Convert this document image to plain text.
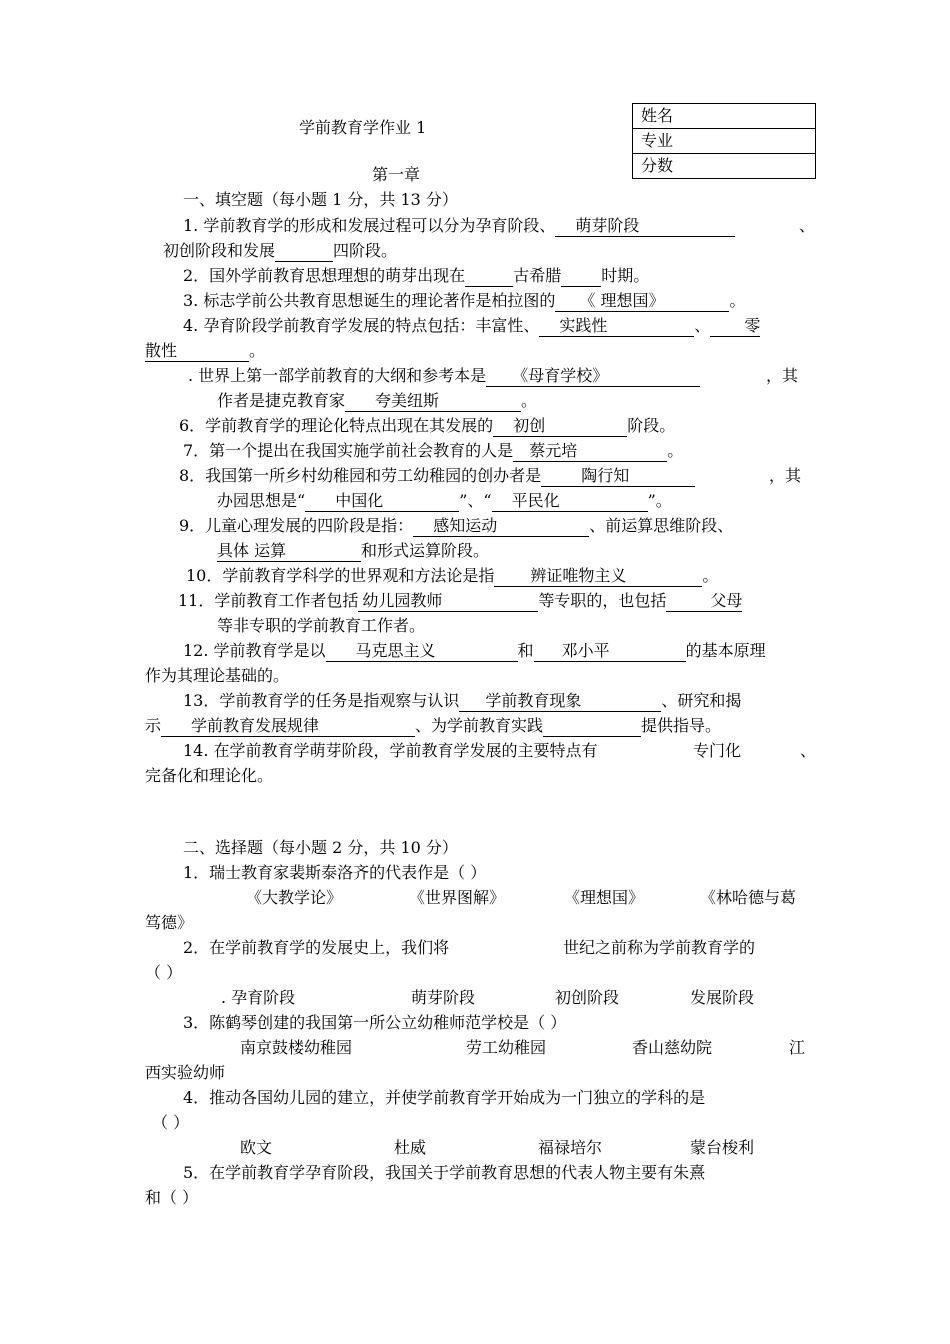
学前教育学作业 1
姓名
专业
分数
第一章
一、填空题（每小题 1 分，共 13 分）
1. 学前教育学的形成和发展过程可以分为孕育阶段、 萌芽阶段	、
初创阶段和发展	四阶段。
2．国外学前教育思想理想的萌芽出现在	古希腊	时期。
3. 标志学前公共教育思想诞生的理论著作是柏拉图的 《 理想国》	。
4. 孕育阶段学前教育学发展的特点包括：丰富性、 实践性	、 零
散性	。
. 世界上第一部学前教育的大纲和参考本是 《母育学校》	，其
作者是捷克教育家 夸美纽斯	。
6．学前教育学的理论化特点出现在其发展的 初创	阶段。
7．第一个提出在我国实施学前社会教育的人是 蔡元培	。
8．我国第一所乡村幼稚园和劳工幼稚园的创办者是	陶行知	，其
办园思想是“ 中国化	”、“ 平民化	”。
9．儿童心理发展的四阶段是指： 感知运动	、前运算思维阶段、
具体 运算	和形式运算阶段。
10．学前教育学科学的世界观和方法论是指 辨证唯物主义	。
11．学前教育工作者包括 幼儿园教师	等专职的，也包括	父母
等非专职的学前教育工作者。
12. 学前教育学是以 马克思主义	和 邓小平	的基本原理
作为其理论基础的。
13．学前教育学的任务是指观察与认识 学前教育现象	、研究和揭
示 学前教育发展规律	、为学前教育实践	提供指导。
14. 在学前教育学萌芽阶段，学前教育学发展的主要特点有	专门化	、
完备化和理论化。
二、选择题（每小题 2 分，共 10 分）
1．瑞士教育家裴斯泰洛齐的代表作是（ ）
《大教学论》	《世界图解》	《理想国》	《林哈德与葛
笃德》
2．在学前教育学的发展史上，我们将	世纪之前称为学前教育学的
（ ）
. 孕育阶段	萌芽阶段	初创阶段	发展阶段
3．陈鹤琴创建的我国第一所公立幼稚师范学校是（ ）
南京鼓楼幼稚园	劳工幼稚园	香山慈幼院	江
西实验幼师
4．推动各国幼儿园的建立，并使学前教育学开始成为一门独立的学科的是
（ ）
欧文	杜威	福禄培尔	蒙台梭利
5．在学前教育学孕育阶段，我国关于学前教育思想的代表人物主要有朱熹
和（ ）
